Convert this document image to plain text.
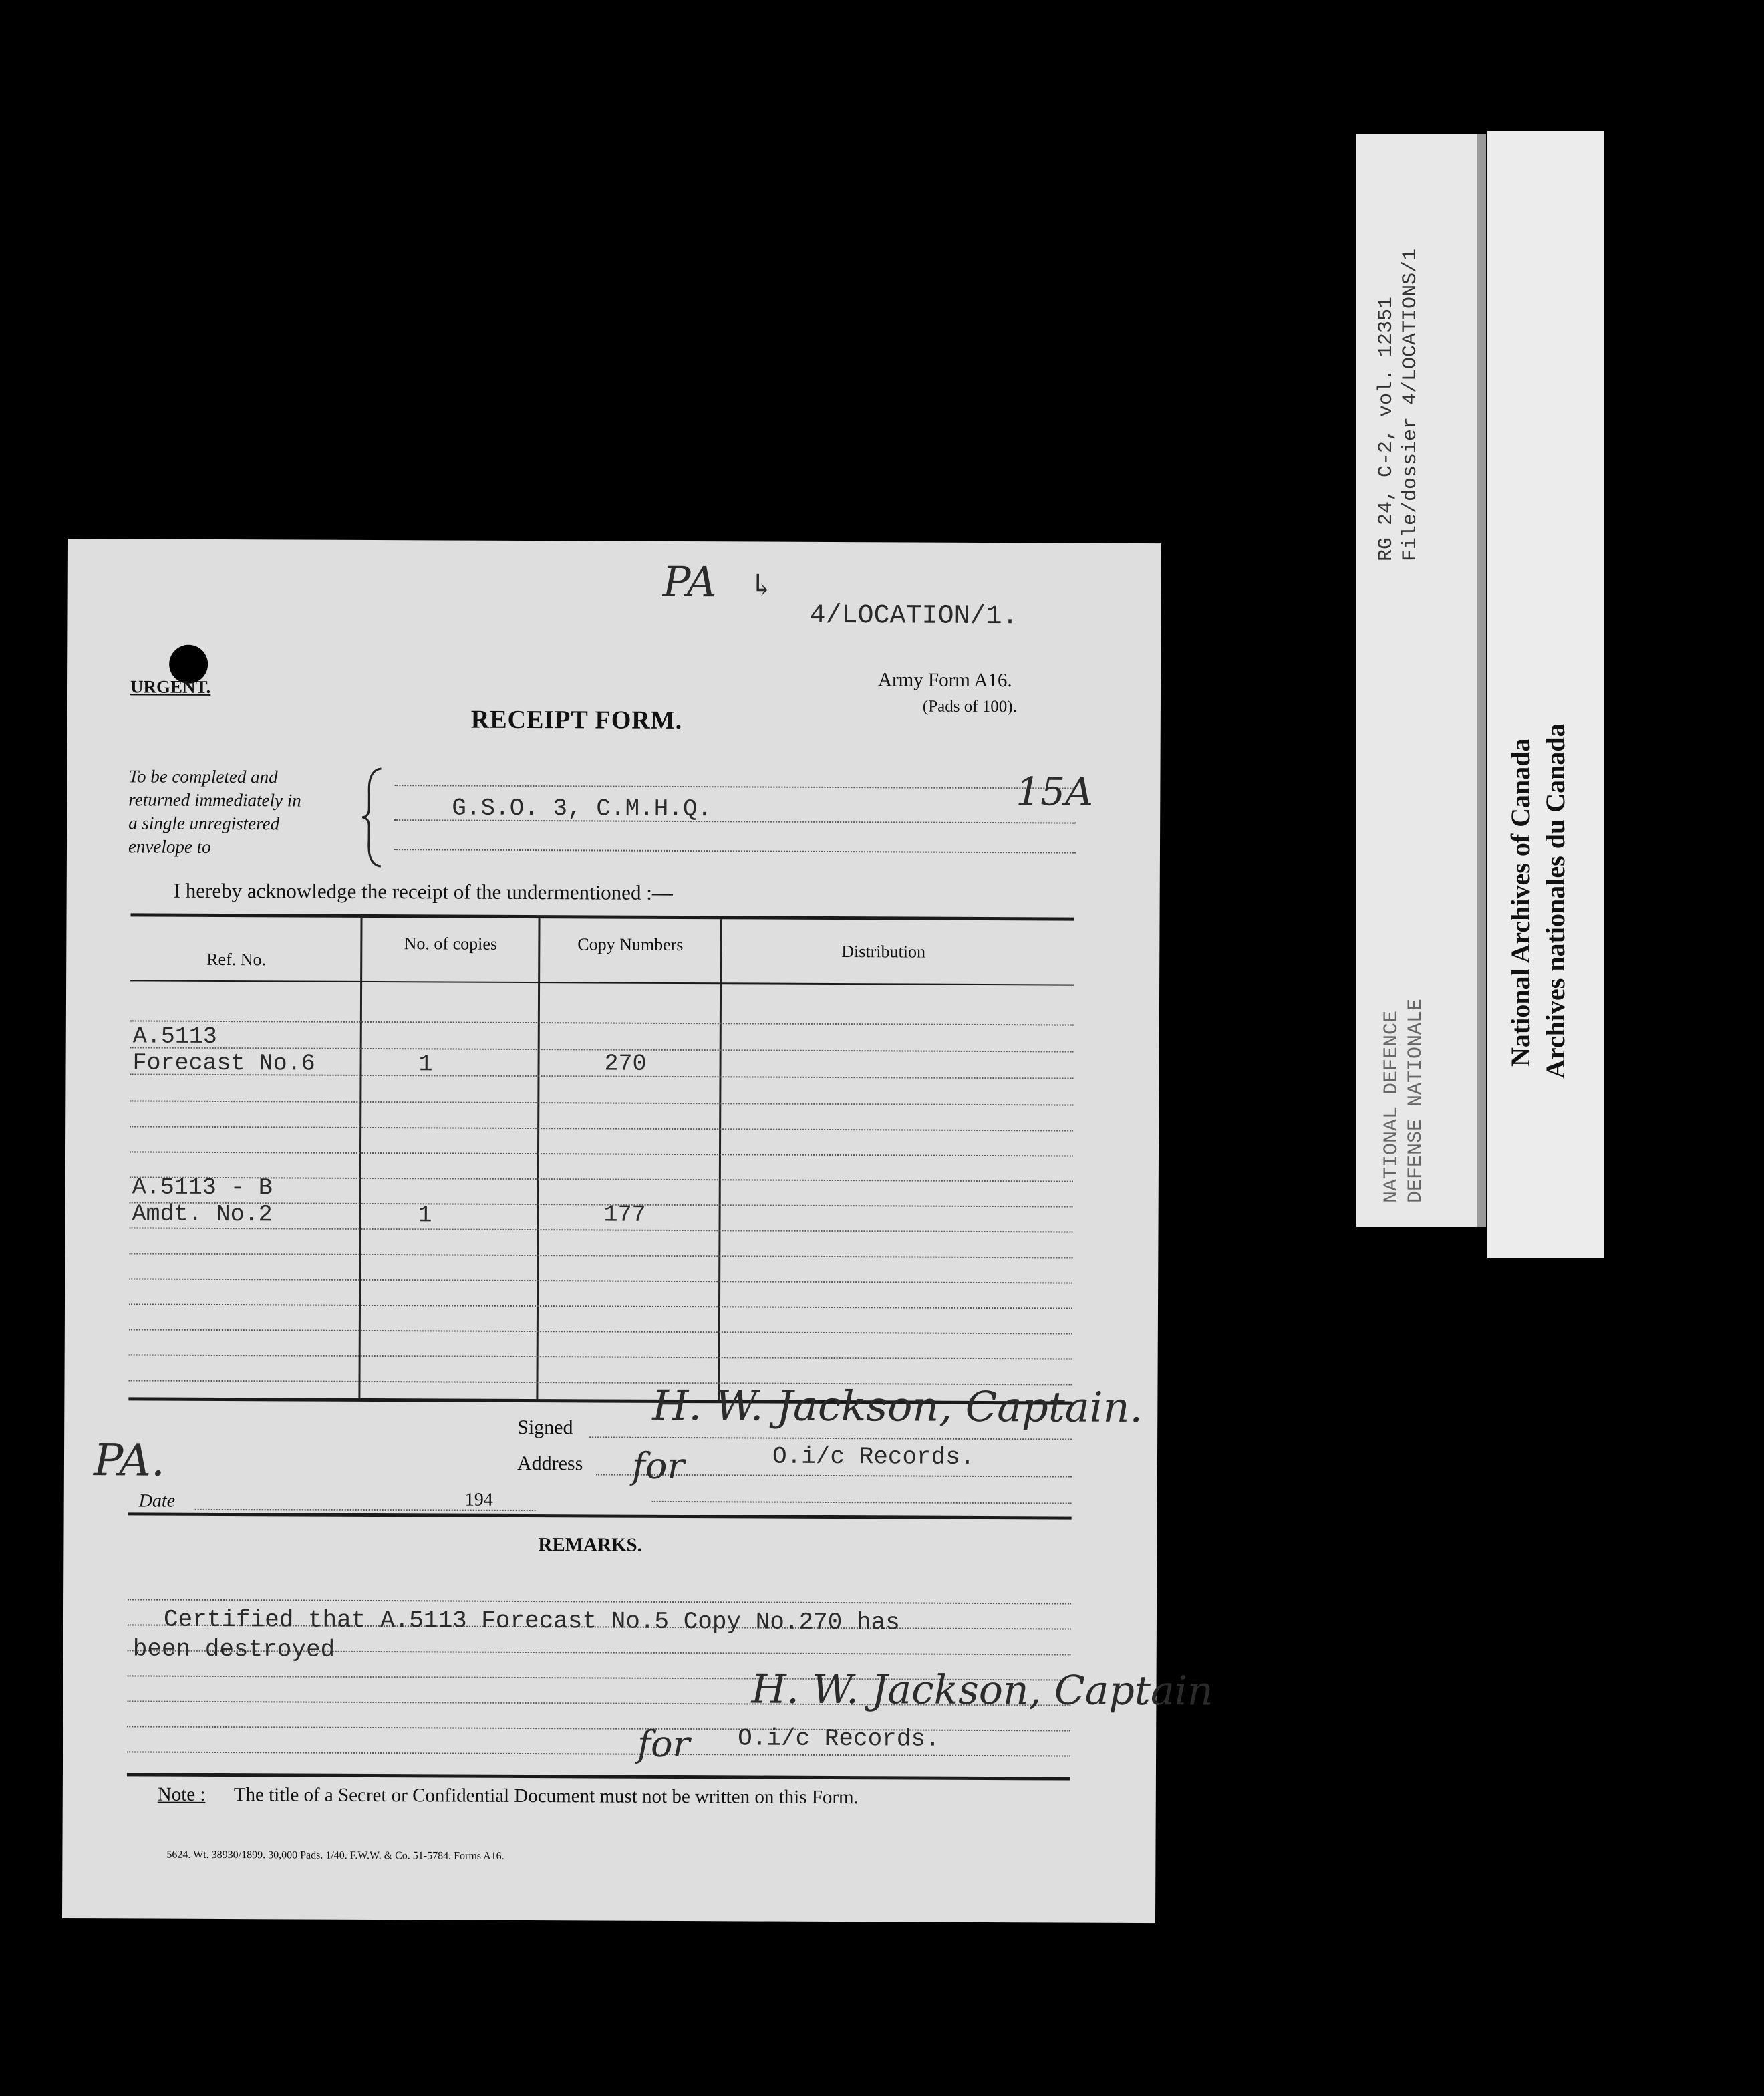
PA ↳
4/LOCATION/1.
URGENT.	Army Form A16.
(Pads of 100).
RECEIPT FORM.
To be completed and
returned immediately in
a single unregistered
envelope to
G.S.O. 3, C.M.H.Q.	15A
I hereby acknowledge the receipt of the undermentioned :—
Ref. No.
No. of copies	Copy Numbers	Distribution
A.5113
Forecast No.6	1	270
A.5113 - B
Amdt. No.2	1	177
Signed H. W. Jackson, Captain.
Address for	O.i/c Records.
PA.
Date	194
REMARKS.
Certified that A.5113 Forecast No.5 Copy No.270 has
been destroyed
H. W. Jackson, Captain
for O.i/c Records.
Note : The title of a Secret or Confidential Document must not be written on this Form.
5624. Wt. 38930/1899. 30,000 Pads. 1/40. F.W.W. & Co. 51-5784. Forms A16.
RG 24, C-2, vol. 12351 File/dossier 4/LOCATIONS/1
NATIONAL DEFENCE DEFENSE NATIONALE
National Archives of Canada Archives nationales du Canada
